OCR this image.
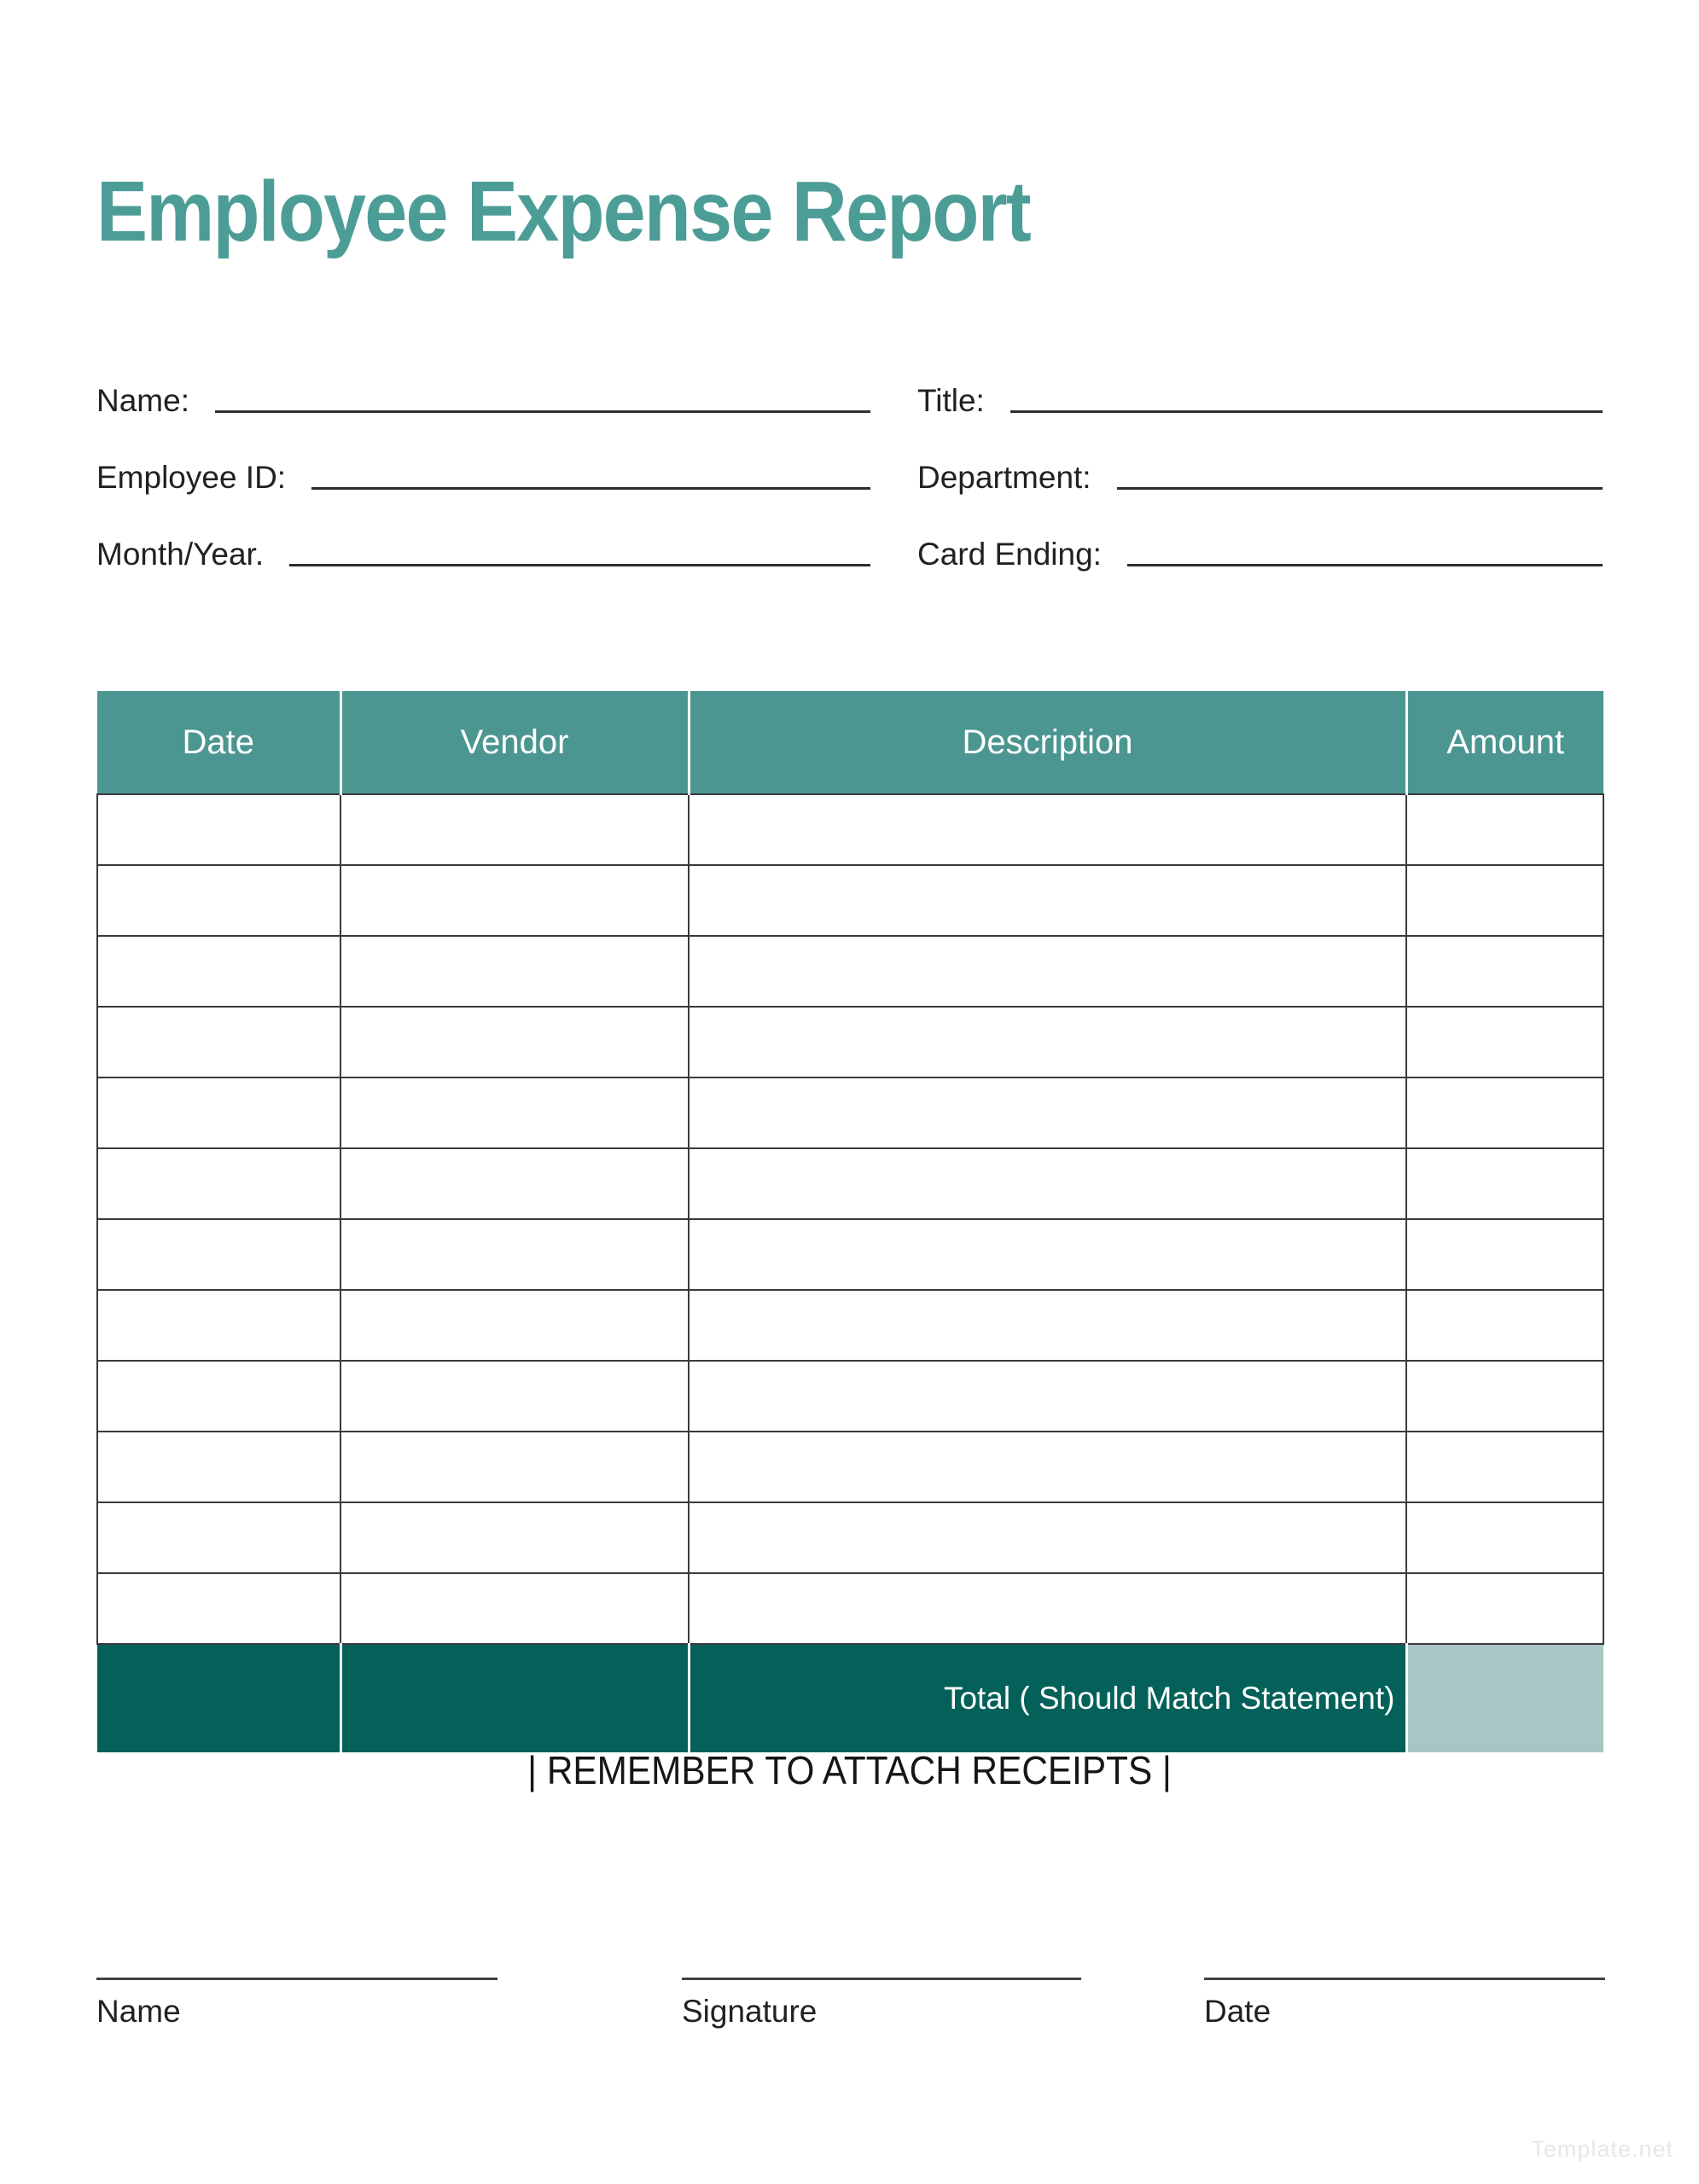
Employee Expense Report
Name:	Title:
Employee ID:	Department:
Month/Year.	Card Ending:
Date	Vendor	Description	Amount

		Total ( Should Match Statement)	
| REMEMBER TO ATTACH RECEIPTS |
Name	Signature	Date
Template.net
